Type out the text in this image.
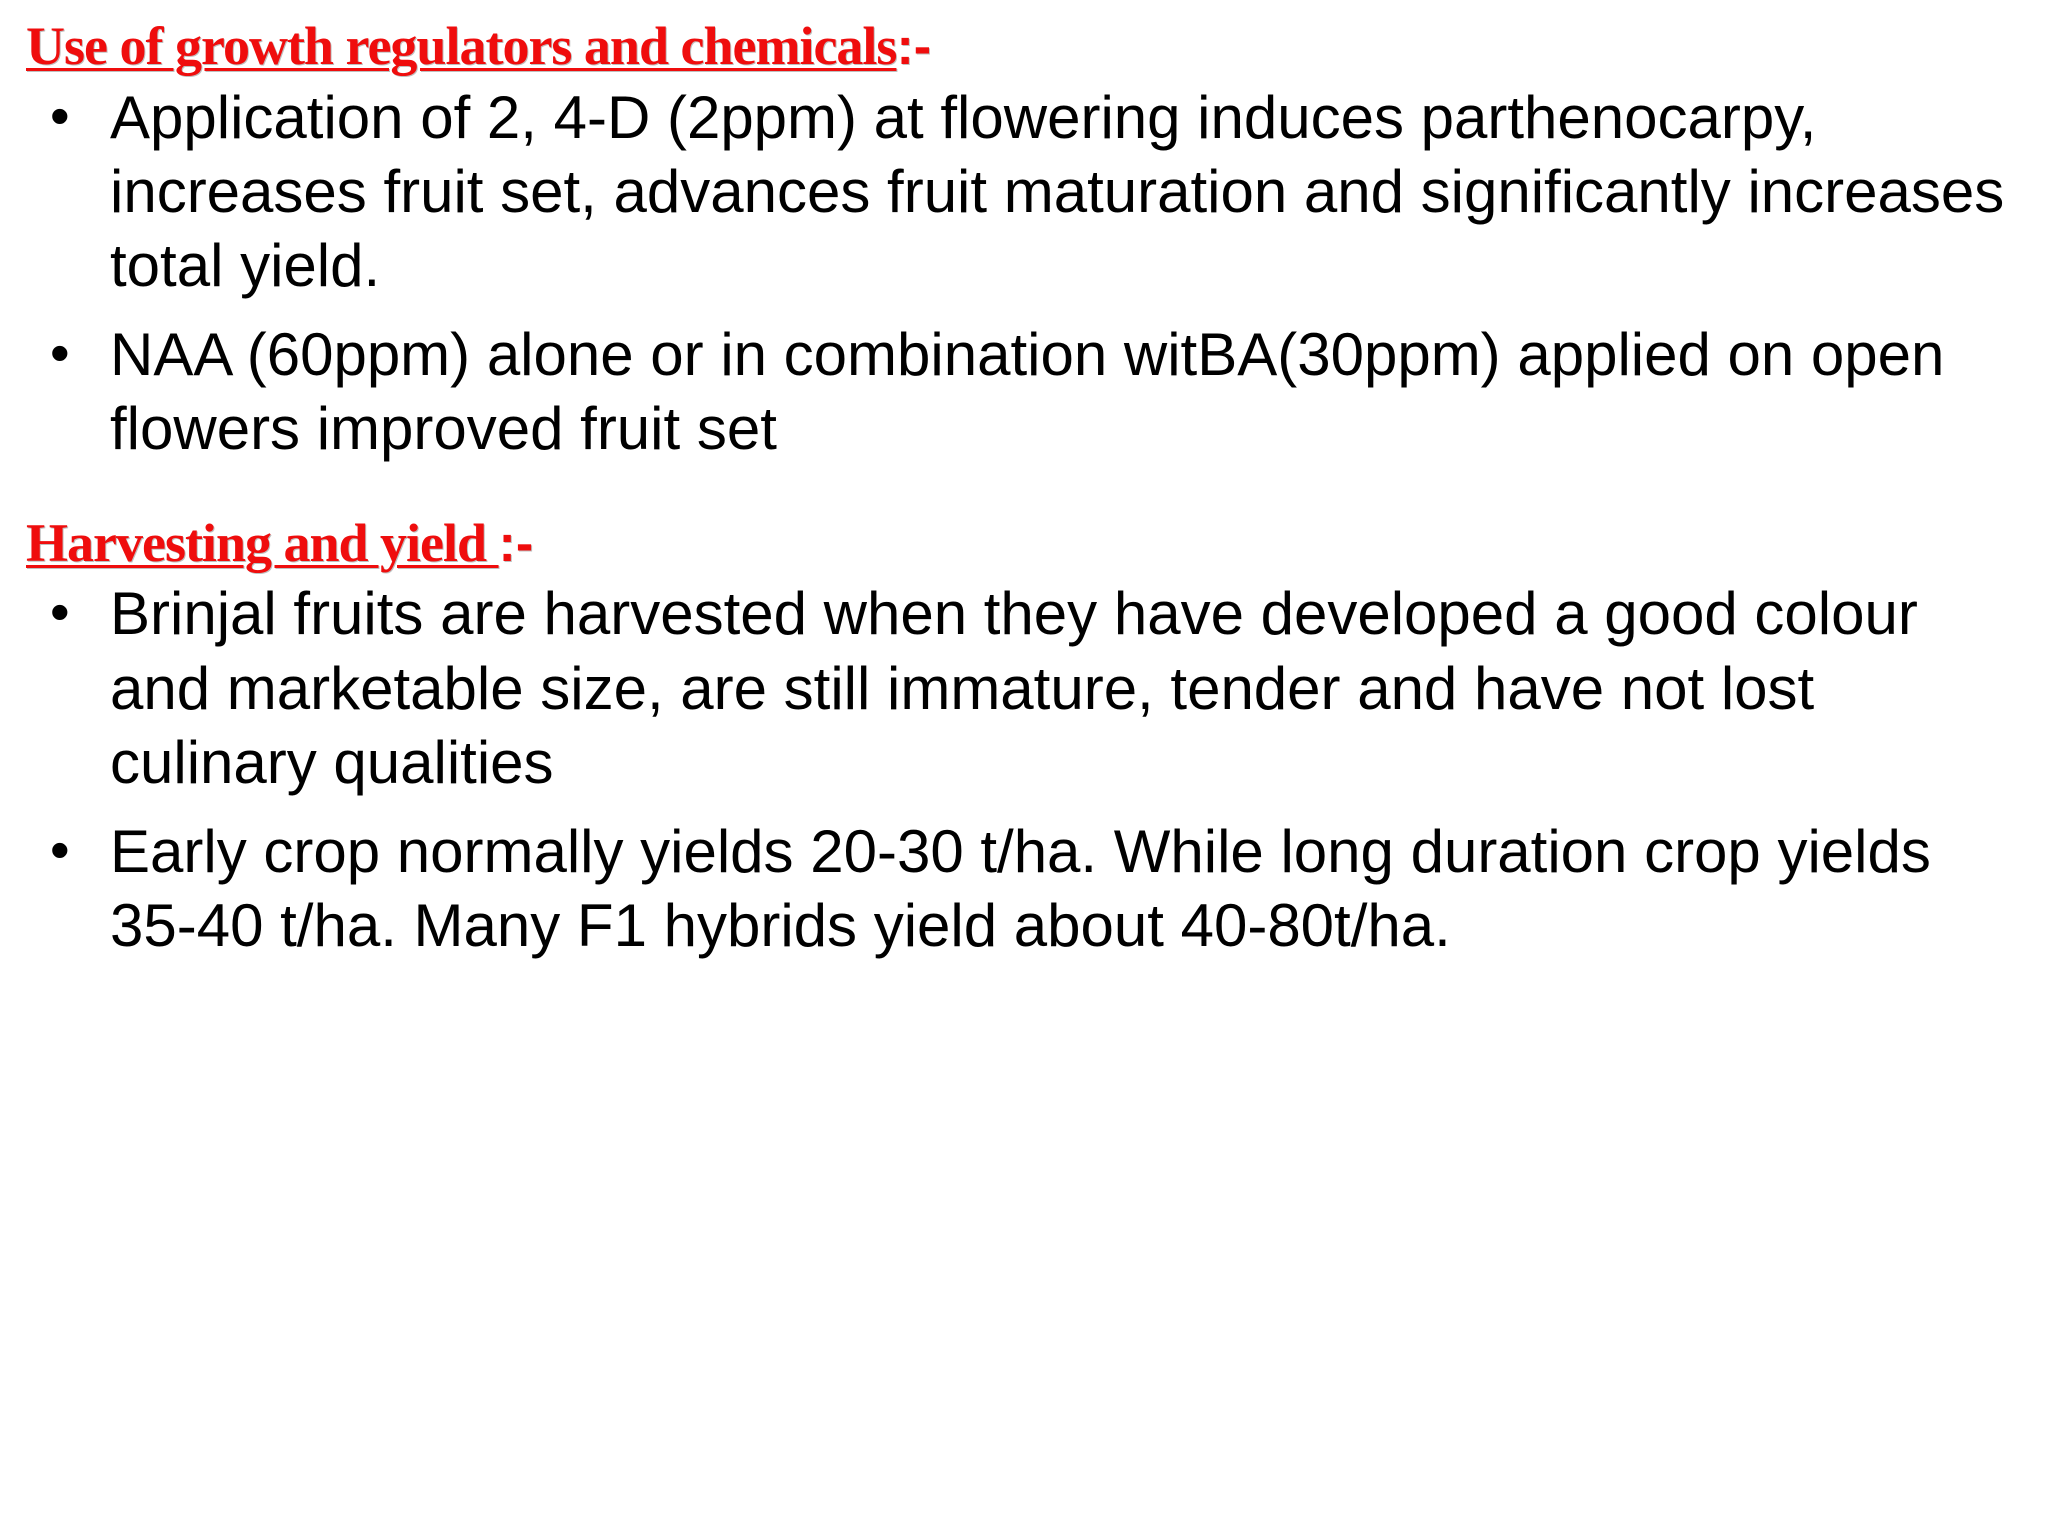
Use of growth regulators and chemicals:-
• Application of 2, 4-D (2ppm) at flowering induces parthenocarpy, increases fruit set, advances fruit maturation and significantly increases total yield.
• NAA (60ppm) alone or in combination witBA(30ppm) applied on open flowers improved fruit set
Harvesting and yield :-
• Brinjal fruits are harvested when they have developed a good colour and marketable size, are still immature, tender and have not lost culinary qualities
• Early crop normally yields 20-30 t/ha. While long duration crop yields 35-40 t/ha. Many F1 hybrids yield about 40-80t/ha.
